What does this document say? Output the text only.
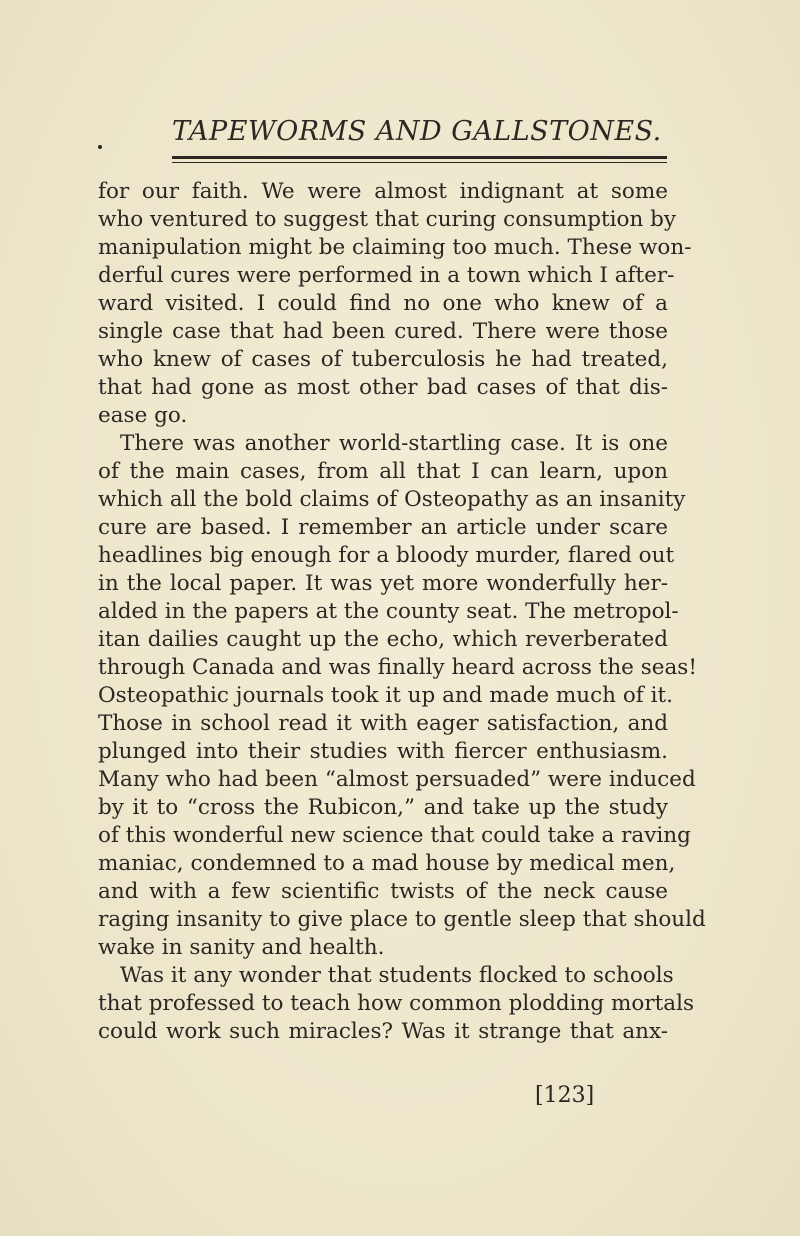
TAPEWORMS AND GALLSTONES.
for our faith. We were almost indignant at some
who ventured to suggest that curing consumption by
manipulation might be claiming too much. These won-
derful cures were performed in a town which I after-
ward visited. I could find no one who knew of a
single case that had been cured. There were those
who knew of cases of tuberculosis he had treated,
that had gone as most other bad cases of that dis-
ease go.
There was another world-startling case. It is one
of the main cases, from all that I can learn, upon
which all the bold claims of Osteopathy as an insanity
cure are based. I remember an article under scare
headlines big enough for a bloody murder, flared out
in the local paper. It was yet more wonderfully her-
alded in the papers at the county seat. The metropol-
itan dailies caught up the echo, which reverberated
through Canada and was finally heard across the seas!
Osteopathic journals took it up and made much of it.
Those in school read it with eager satisfaction, and
plunged into their studies with fiercer enthusiasm.
Many who had been “almost persuaded” were induced
by it to “cross the Rubicon,” and take up the study
of this wonderful new science that could take a raving
maniac, condemned to a mad house by medical men,
and with a few scientific twists of the neck cause
raging insanity to give place to gentle sleep that should
wake in sanity and health.
Was it any wonder that students flocked to schools
that professed to teach how common plodding mortals
could work such miracles? Was it strange that anx-
[123]
